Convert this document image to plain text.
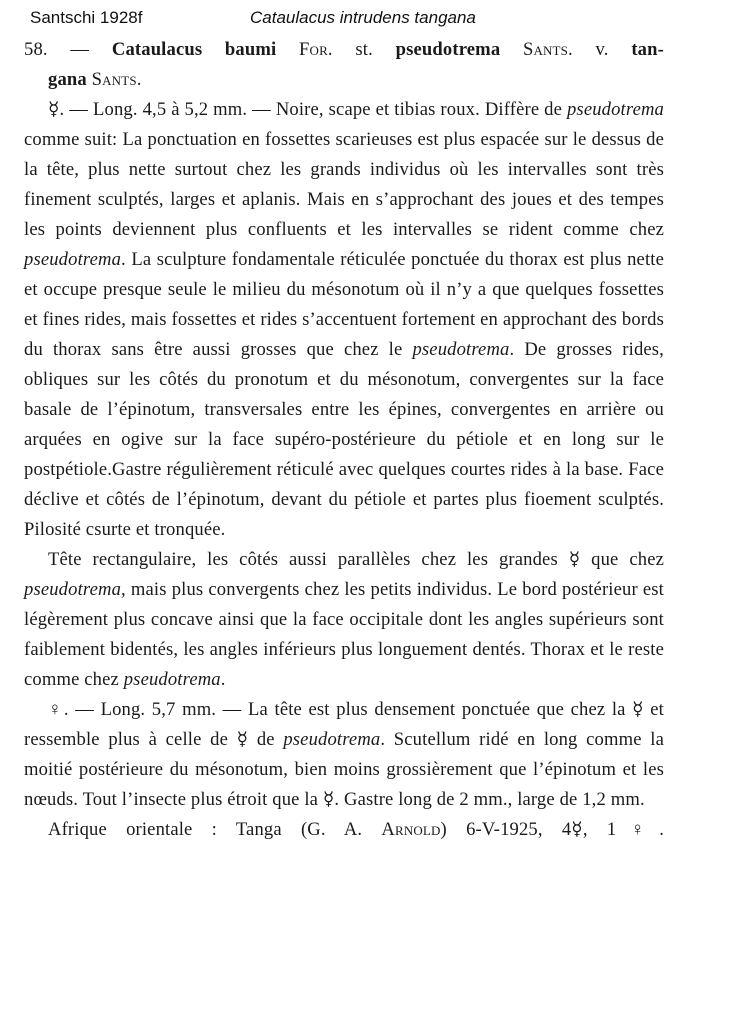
Santschi 1928f	Cataulacus intrudens tangana
58. — Cataulacus baumi For. st. pseudotrema Sants. v. tan-
gana Sants.

☿. — Long. 4,5 à 5,2 mm. — Noire, scape et tibias roux. Diffère de pseudotrema comme suit: La ponctuation en fossettes scarieuses est plus espacée sur le dessus de la tête, plus nette surtout chez les grands individus où les intervalles sont très finement sculptés, larges et aplanis. Mais en s’approchant des joues et des tempes les points deviennent plus confluents et les intervalles se rident comme chez pseudotrema. La sculpture fondamentale réticulée ponctuée du thorax est plus nette et occupe presque seule le milieu du mésonotum où il n’y a que quelques fossettes et fines rides, mais fossettes et rides s’accentuent fortement en approchant des bords du thorax sans être aussi grosses que chez le pseudotrema. De grosses rides, obliques sur les côtés du pronotum et du mésonotum, convergentes sur la face basale de l’épinotum, transversales entre les épines, convergentes en arrière ou arquées en ogive sur la face supéro-postérieure du pétiole et en long sur le postpétiole.Gastre régulièrement réticulé avec quelques courtes rides à la base. Face déclive et côtés de l’épinotum, devant du pétiole et partes plus fioement sculptés. Pilosité csurte et tronquée.

Tête rectangulaire, les côtés aussi parallèles chez les grandes ☿ que chez pseudotrema, mais plus convergents chez les petits individus. Le bord postérieur est légèrement plus concave ainsi que la face occipitale dont les angles supérieurs sont faiblement bidentés, les angles inférieurs plus longuement dentés. Thorax et le reste comme chez pseudotrema.

♀. — Long. 5,7 mm. — La tête est plus densement ponctuée que chez la ☿ et ressemble plus à celle de ☿ de pseudotrema. Scutellum ridé en long comme la moitié postérieure du mésonotum, bien moins grossièrement que l’épinotum et les nœuds. Tout l’insecte plus étroit que la ☿. Gastre long de 2 mm., large de 1,2 mm.

Afrique orientale : Tanga (G. A. Arnold) 6-V-1925, 4☿, 1♀.
